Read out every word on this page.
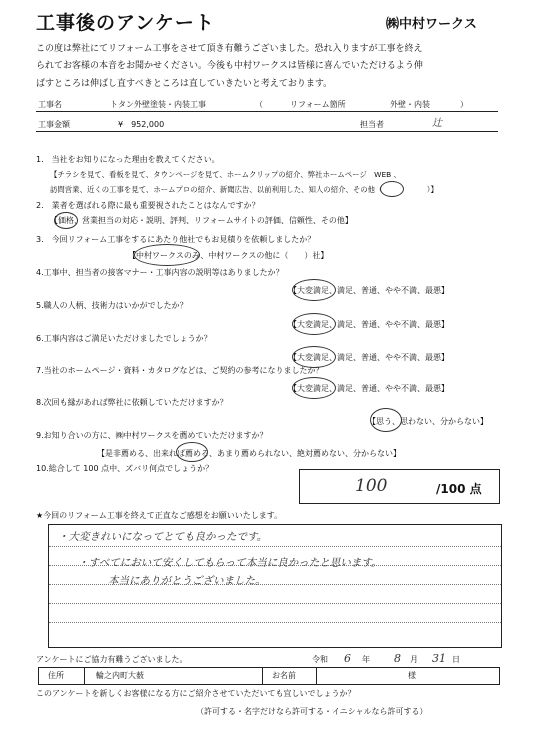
工事後のアンケート	㈱中村ワークス
この度は弊社にてリフォーム工事をさせて頂き有難うございました。恐れ入りますが工事を終え
られてお客様の本音をお聞かせください。今後も中村ワークスは皆様に喜んでいただけるよう伸
ばすところは伸ばし直すべきところは直していきたいと考えております。
工事名	トタン外壁塗装・内装工事	（	リフォーム箇所	外壁・内装	）
工事金額	¥　952,000	担当者	辻
1.　当社をお知りになった理由を教えてください。
【チラシを見て、看板を見て、タウンページを見て、ホームクリップの紹介、弊社ホームページ　WEB 、
訪問営業、近くの工事を見て、ホームプロの紹介、新聞広告、以前利用した、知人の紹介、その他（　　　　　　）】
2.　業者を選ばれる際に最も重要視されたことはなんですか？
【価格、営業担当の対応・説明、評判、リフォームサイトの評価、信頼性、その他】
3.　今回リフォーム工事をするにあたり他社でもお見積りを依頼しましたか？
【中村ワークスのみ、中村ワークスの他に（　　）社】
4.工事中、担当者の接客マナー・工事内容の説明等はありましたか？
【大変満足、満足、普通、やや不満、最悪】
5.職人の人柄、技術力はいかがでしたか？
【大変満足、満足、普通、やや不満、最悪】
6.工事内容はご満足いただけましたでしょうか？
【大変満足、満足、普通、やや不満、最悪】
7.当社のホームページ・資料・カタログなどは、ご契約の参考になりましたか？
【大変満足、満足、普通、やや不満、最悪】
8.次回も縁があれば弊社に依頼していただけますか？
【思う、思わない、分からない】
9.お知り合いの方に、㈱中村ワークスを薦めていただけますか？
【是非薦める、出来れば薦める、あまり薦められない、絶対薦めない、分からない】
10.総合して 100 点中、ズバリ何点でしょうか？
100	/100 点
★今回のリフォーム工事を終えて正直なご感想をお願いいたします。
・大変きれいになってとても良かったです。
・すべてにおいて安くしてもらって本当に良かったと思います。
本当にありがとうございました。
アンケートにご協力有難うございました。	令和 6 年 8 月 31 日
住所	輪之内町大薮	お名前	様
このアンケートを新しくお客様になる方にご紹介させていただいても宜しいでしょうか？
（許可する・名字だけなら許可する・イニシャルなら許可する）
